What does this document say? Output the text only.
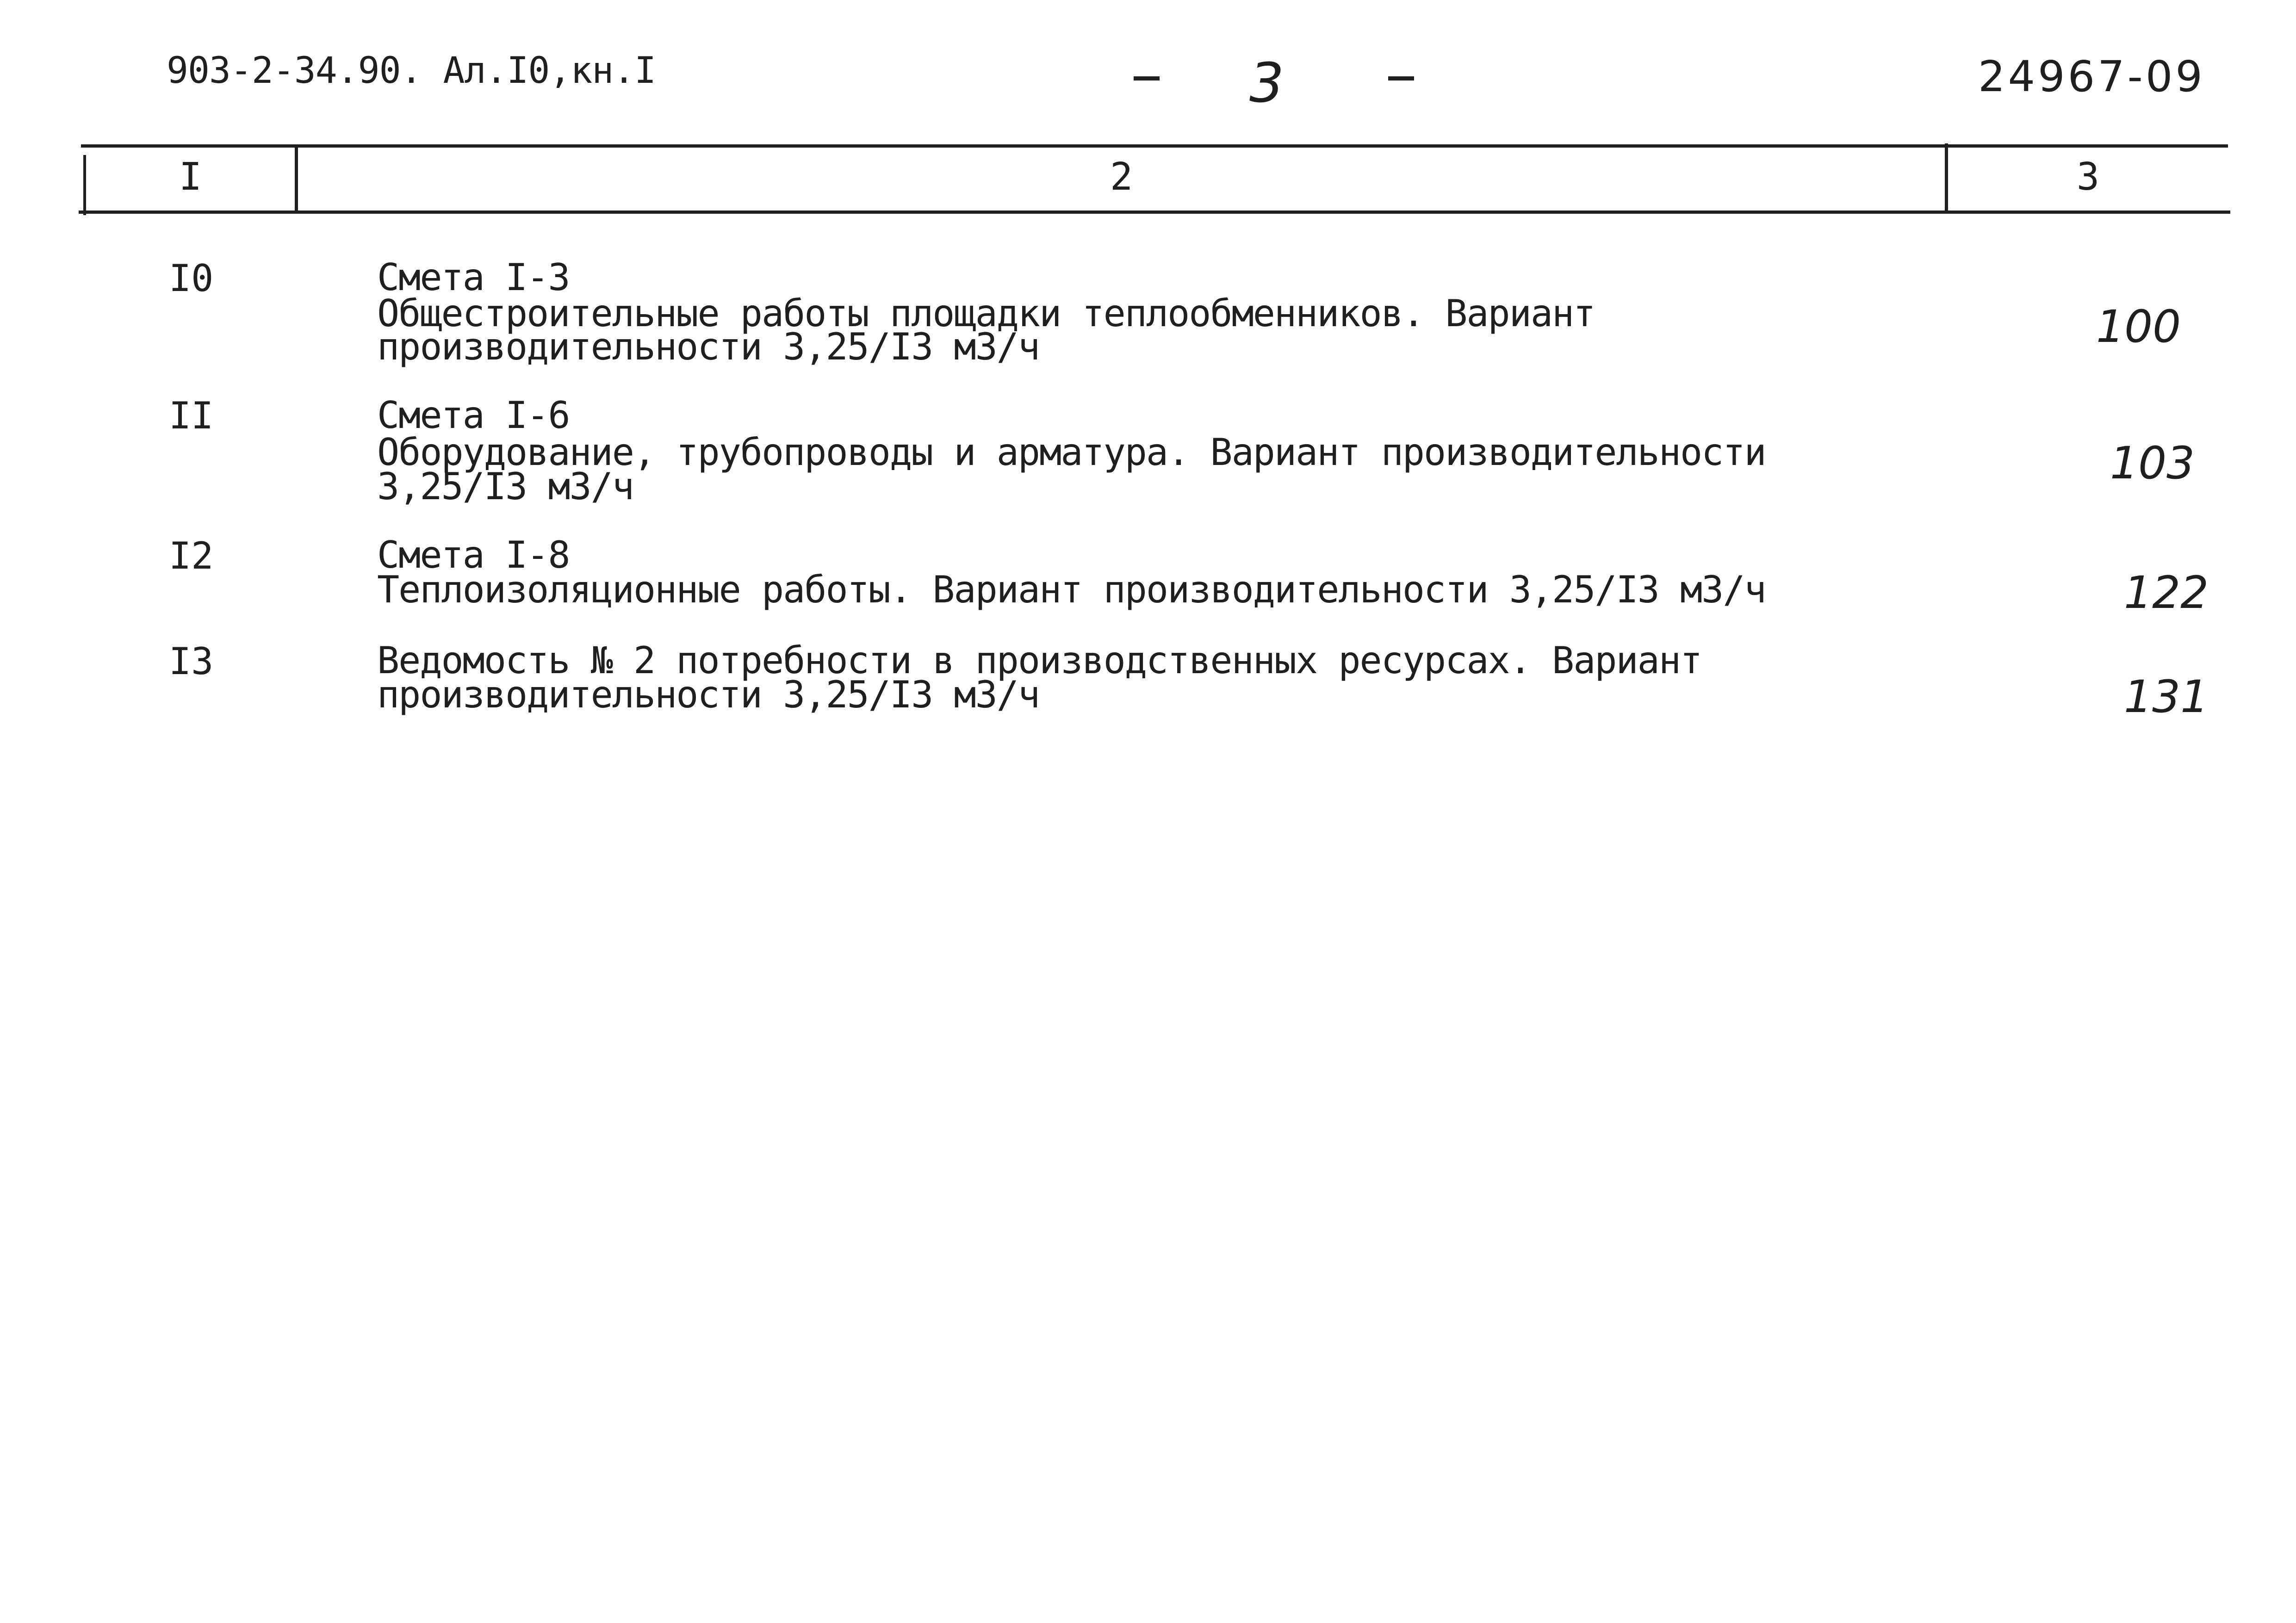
903-2-34.90. Ал.I0,кн.I	3	24967-09
I	2	3
I0	Смета I-3
Общестроительные работы площадки теплообменников. Вариант
производительности 3,25/I3 м3/ч	100
II	Смета I-6
Оборудование, трубопроводы и арматура. Вариант производительности
3,25/I3 м3/ч	103
I2	Смета I-8
Теплоизоляционные работы. Вариант производительности 3,25/I3 м3/ч	122
I3	Ведомость № 2 потребности в производственных ресурсах. Вариант
производительности 3,25/I3 м3/ч	131
